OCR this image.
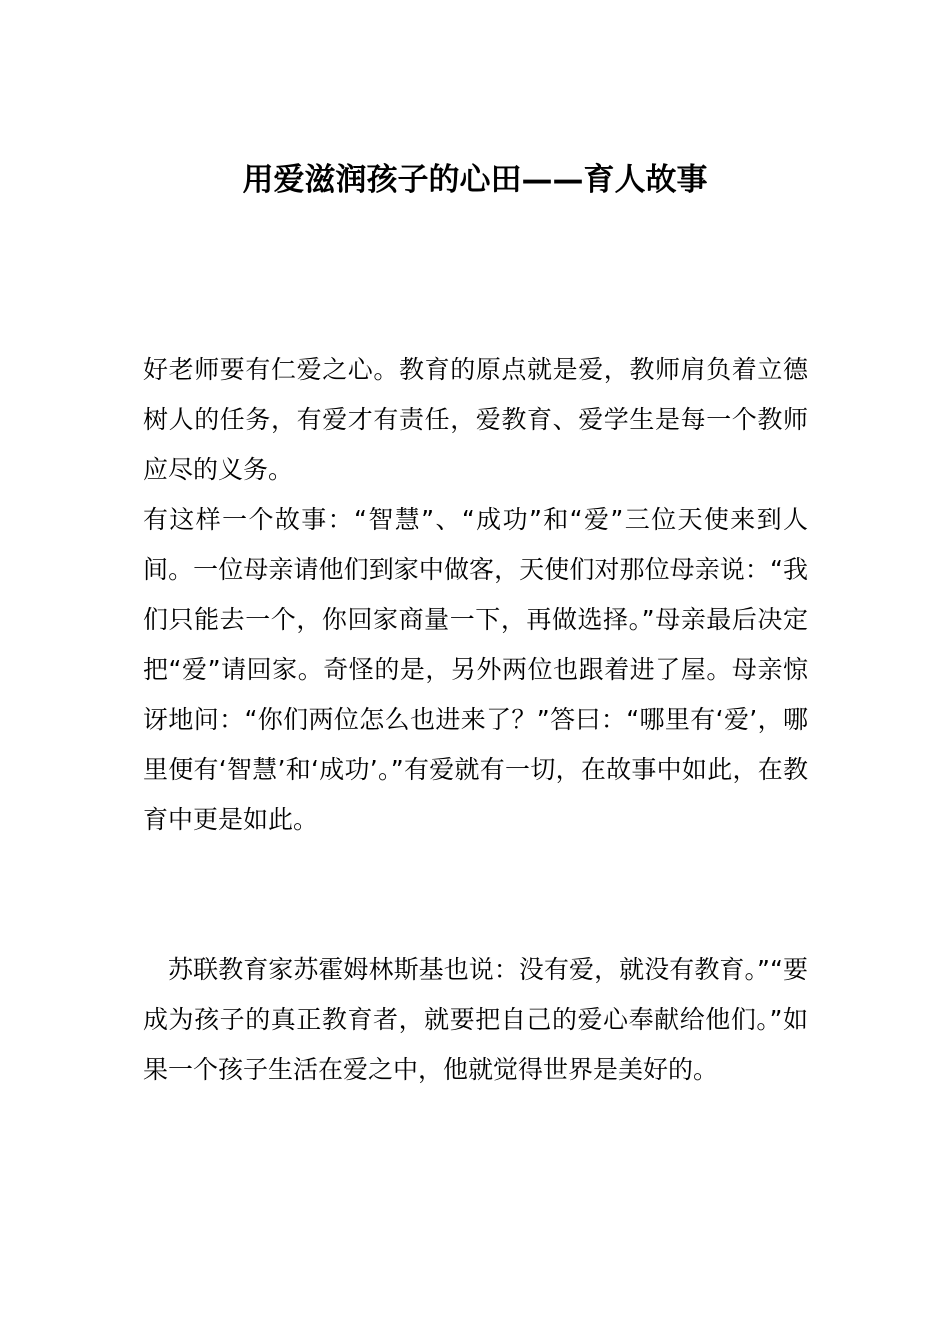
用爱滋润孩子的心田——育人故事

好老师要有仁爱之心。教育的原点就是爱，教师肩负着立德树人的任务，有爱才有责任，爱教育、爱学生是每一个教师应尽的义务。

有这样一个故事：“智慧”、“成功”和“爱”三位天使来到人间。一位母亲请他们到家中做客，天使们对那位母亲说：“我们只能去一个，你回家商量一下，再做选择。”母亲最后决定把“爱”请回家。奇怪的是，另外两位也跟着进了屋。母亲惊讶地问：“你们两位怎么也进来了？”答曰：“哪里有‘爱’，哪里便有‘智慧’和‘成功’。”有爱就有一切，在故事中如此，在教育中更是如此。

苏联教育家苏霍姆林斯基也说：没有爱，就没有教育。”“要成为孩子的真正教育者，就要把自己的爱心奉献给他们。”如果一个孩子生活在爱之中，他就觉得世界是美好的。
